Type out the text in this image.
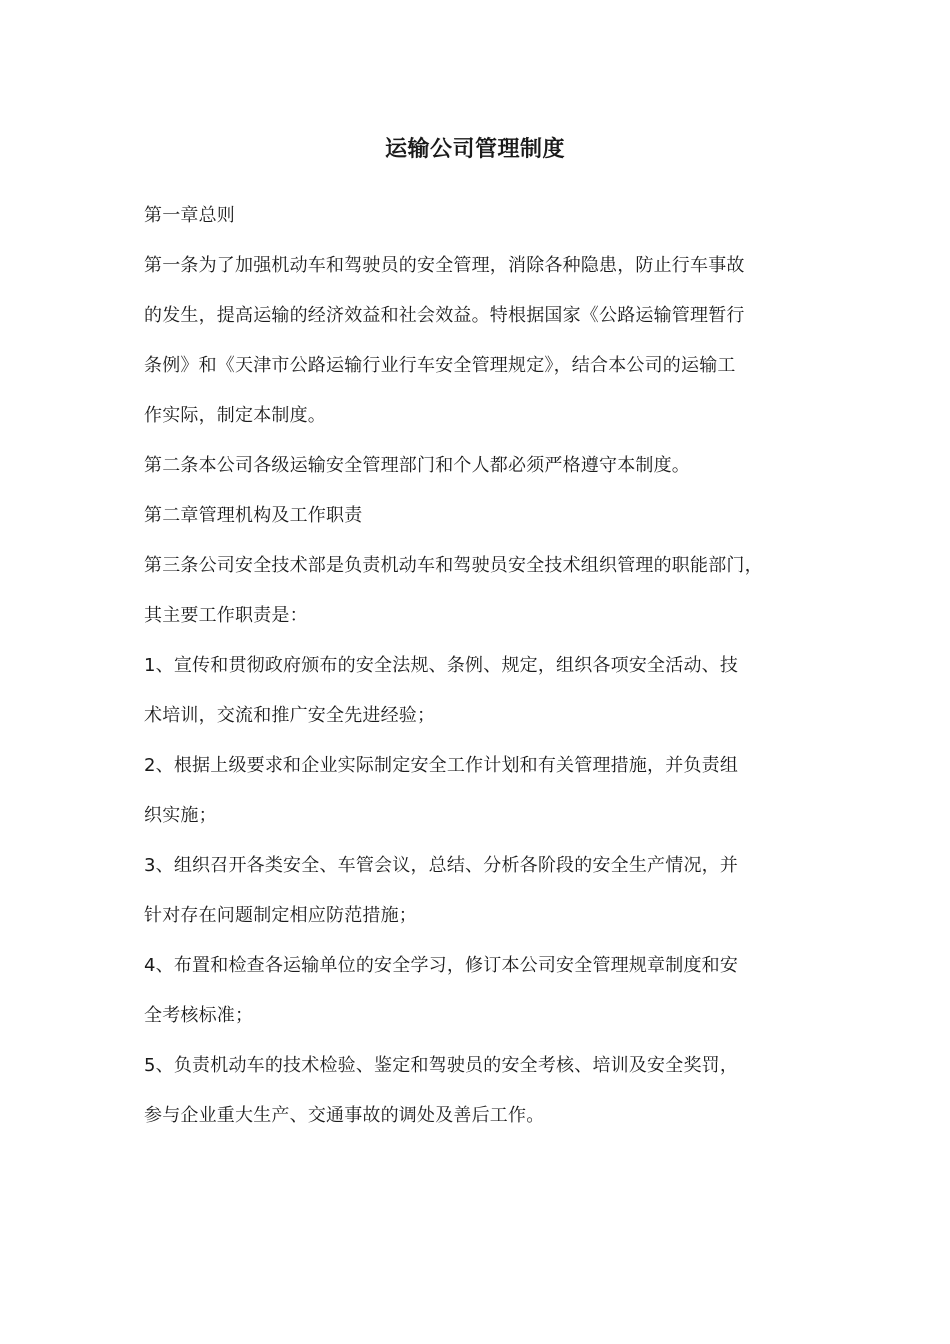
运输公司管理制度
第一章总则
第一条为了加强机动车和驾驶员的安全管理，消除各种隐患，防止行车事故
的发生，提高运输的经济效益和社会效益。特根据国家《公路运输管理暂行
条例》和《天津市公路运输行业行车安全管理规定》，结合本公司的运输工
作实际，制定本制度。
第二条本公司各级运输安全管理部门和个人都必须严格遵守本制度。
第二章管理机构及工作职责
第三条公司安全技术部是负责机动车和驾驶员安全技术组织管理的职能部门，
其主要工作职责是：
1、宣传和贯彻政府颁布的安全法规、条例、规定，组织各项安全活动、技
术培训，交流和推广安全先进经验；
2、根据上级要求和企业实际制定安全工作计划和有关管理措施，并负责组
织实施；
3、组织召开各类安全、车管会议，总结、分析各阶段的安全生产情况，并
针对存在问题制定相应防范措施；
4、布置和检查各运输单位的安全学习，修订本公司安全管理规章制度和安
全考核标准；
5、负责机动车的技术检验、鉴定和驾驶员的安全考核、培训及安全奖罚，
参与企业重大生产、交通事故的调处及善后工作。
